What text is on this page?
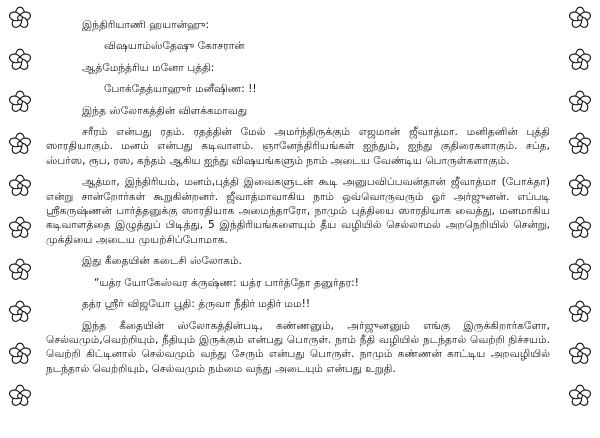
இந்திரியாணி ஹயான்ஹு:
விஷயாம்ஸ்தேஷு கோசரான்
ஆத்மேந்த்ரிய மனோ புத்தி:
போக்தேத்யாஹுர் மனீஷிண: !!
இந்த ஸ்லோகத்தின் விளக்கமாவது
சரீரம் என்பது ரதம். ரதத்தின் மேல் அமர்ந்திருக்கும் எஜமான் ஜீவாத்மா. மனிதனின் புத்தி ஸாரதியாகும். மனம் என்பது கடிவாளம். ஞானேந்திரியங்கள் ஐந்தும், ஐந்து குதிரைகளாகும். சப்த, ஸ்பர்ஸ, ரூப, ரஸ, கந்தம் ஆகிய ஐந்து விஷயங்களும் நாம் அடைய வேண்டிய பொருள்களாகும்.
ஆத்மா, இந்திரியம், மனம்,புத்தி இவைகளுடன் கூடி அனுபவிப்பவன்தான் ஜீவாத்மா (போக்தா) என்று சான்றோர்கள் கூறுகின்றனர். ஜீவாத்மாவாகிய நாம் ஒவ்வொருவரும் ஓர் அர்ஜுனன். எப்படி ஸ்ரீகருஷ்ணன் பார்த்தனுக்கு ஸாரதியாக அமைந்தாரோ, நாமும் புத்தியை ஸாரதியாக வைத்து, மனமாகிய கடிவாளத்தை இழுத்துப் பிடித்து, 5 இந்திரியங்களையும் தீய வழியில் செல்லாமல் அறநெறியில் சென்று, முக்தியை அடைய முயற்சிப்போமாக.
இது கீதையின் கடைசி ஸ்லோகம்.
“யத்ர யோகேஸ்வர க்ருஷ்ண: யத்ர பார்த்தோ தனுர்தர:!
தத்ர ஸ்ரீர் விஜயோ பூதி: த்ருவா நீதிர் மதிர் மம!!
இந்த கீதையின் ஸ்லோகத்தின்படி, கண்ணனும், அர்ஜுனனும் எங்கு இருக்கிறார்களோ, செல்வமும்,வெற்றியும், நீதியும் இருக்கும் என்பது பொருள். நாம் நீதி வழியில் நடந்தால் வெற்றி நிச்சயம். வெற்றி கிட்டினால் செல்வமும் வந்து சேரும் என்பது பொருள். நாமும் கண்ணன் காட்டிய அறவழியில் நடந்தால் வெற்றியும், செல்வமும் நம்மை வந்து அடையும் என்பது உறுதி.
